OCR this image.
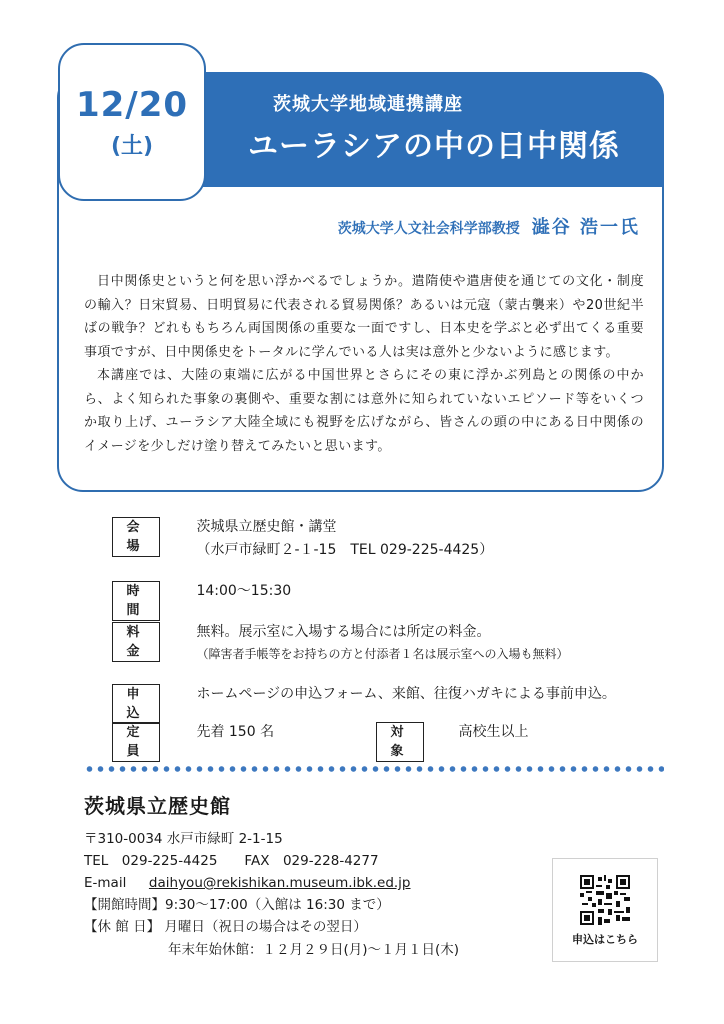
茨城大学地域連携講座
ユーラシアの中の日中関係
12/20
(土)
茨城大学人文社会科学部教授 澁谷 浩一氏

日中関係史というと何を思い浮かべるでしょうか。遣隋使や遣唐使を通じての文化・制度の輸入？日宋貿易、日明貿易に代表される貿易関係？あるいは元寇（蒙古襲来）や20世紀半ばの戦争？どれももちろん両国関係の重要な一面ですし、日本史を学ぶと必ず出てくる重要事項ですが、日中関係史をトータルに学んでいる人は実は意外と少ないように感じます。

本講座では、大陸の東端に広がる中国世界とさらにその東に浮かぶ列島との関係の中から、よく知られた事象の裏側や、重要な割には意外に知られていないエピソード等をいくつか取り上げ、ユーラシア大陸全域にも視野を広げながら、皆さんの頭の中にある日中関係のイメージを少しだけ塗り替えてみたいと思います。

会 場
茨城県立歴史館・講堂
（水戸市緑町２-１-15　TEL 029-225-4425）
時 間 14:00〜15:30
料 金
無料。展示室に入場する場合には所定の料金。
（障害者手帳等をお持ちの方と付添者１名は展示室への入場も無料）
申 込 ホームページの申込フォーム、来館、往復ハガキによる事前申込。
定 員 先着 150 名	対 象 高校生以上
茨城県立歴史館
〒310-0034 水戸市緑町 2-1-15
TEL　029-225-4425　　FAX　029-228-4277
E-mail daihyou@rekishikan.museum.ibk.ed.jp
【開館時間】9:30〜17:00（入館は 16:30 まで）
【休 館 日】 月曜日（祝日の場合はその翌日）
年末年始休館：１２月２９日(月)〜１月１日(木)
申込はこちら
